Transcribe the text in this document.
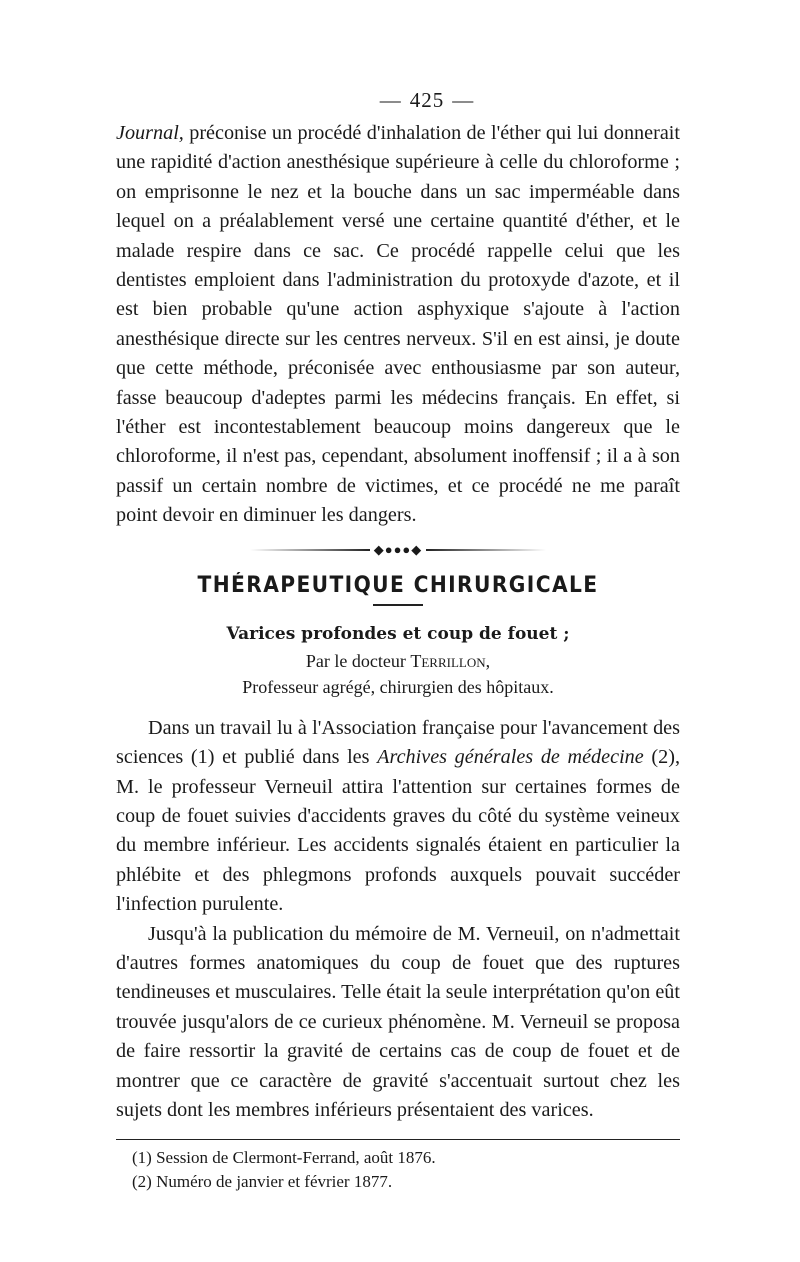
— 425 —

Journal, préconise un procédé d'inhalation de l'éther qui lui donnerait une rapidité d'action anesthésique supérieure à celle du chloroforme ; on emprisonne le nez et la bouche dans un sac imperméable dans lequel on a préalablement versé une certaine quantité d'éther, et le malade respire dans ce sac. Ce procédé rappelle celui que les dentistes emploient dans l'administration du protoxyde d'azote, et il est bien probable qu'une action asphyxique s'ajoute à l'action anesthésique directe sur les centres nerveux. S'il en est ainsi, je doute que cette méthode, préconisée avec enthousiasme par son auteur, fasse beaucoup d'adeptes parmi les médecins français. En effet, si l'éther est incontestablement beaucoup moins dangereux que le chloroforme, il n'est pas, cependant, absolument inoffensif ; il a à son passif un certain nombre de victimes, et ce procédé ne me paraît point devoir en diminuer les dangers.

◆●●●◆
THÉRAPEUTIQUE CHIRURGICALE
Varices profondes et coup de fouet ;

Par le docteur Terrillon,

Professeur agrégé, chirurgien des hôpitaux.

Dans un travail lu à l'Association française pour l'avancement des sciences (1) et publié dans les Archives générales de médecine (2), M. le professeur Verneuil attira l'attention sur certaines formes de coup de fouet suivies d'accidents graves du côté du système veineux du membre inférieur. Les accidents signalés étaient en particulier la phlébite et des phlegmons profonds auxquels pouvait succéder l'infection purulente.

Jusqu'à la publication du mémoire de M. Verneuil, on n'admettait d'autres formes anatomiques du coup de fouet que des ruptures tendineuses et musculaires. Telle était la seule interprétation qu'on eût trouvée jusqu'alors de ce curieux phénomène. M. Verneuil se proposa de faire ressortir la gravité de certains cas de coup de fouet et de montrer que ce caractère de gravité s'accentuait surtout chez les sujets dont les membres inférieurs présentaient des varices.

(1) Session de Clermont-Ferrand, août 1876.

(2) Numéro de janvier et février 1877.
